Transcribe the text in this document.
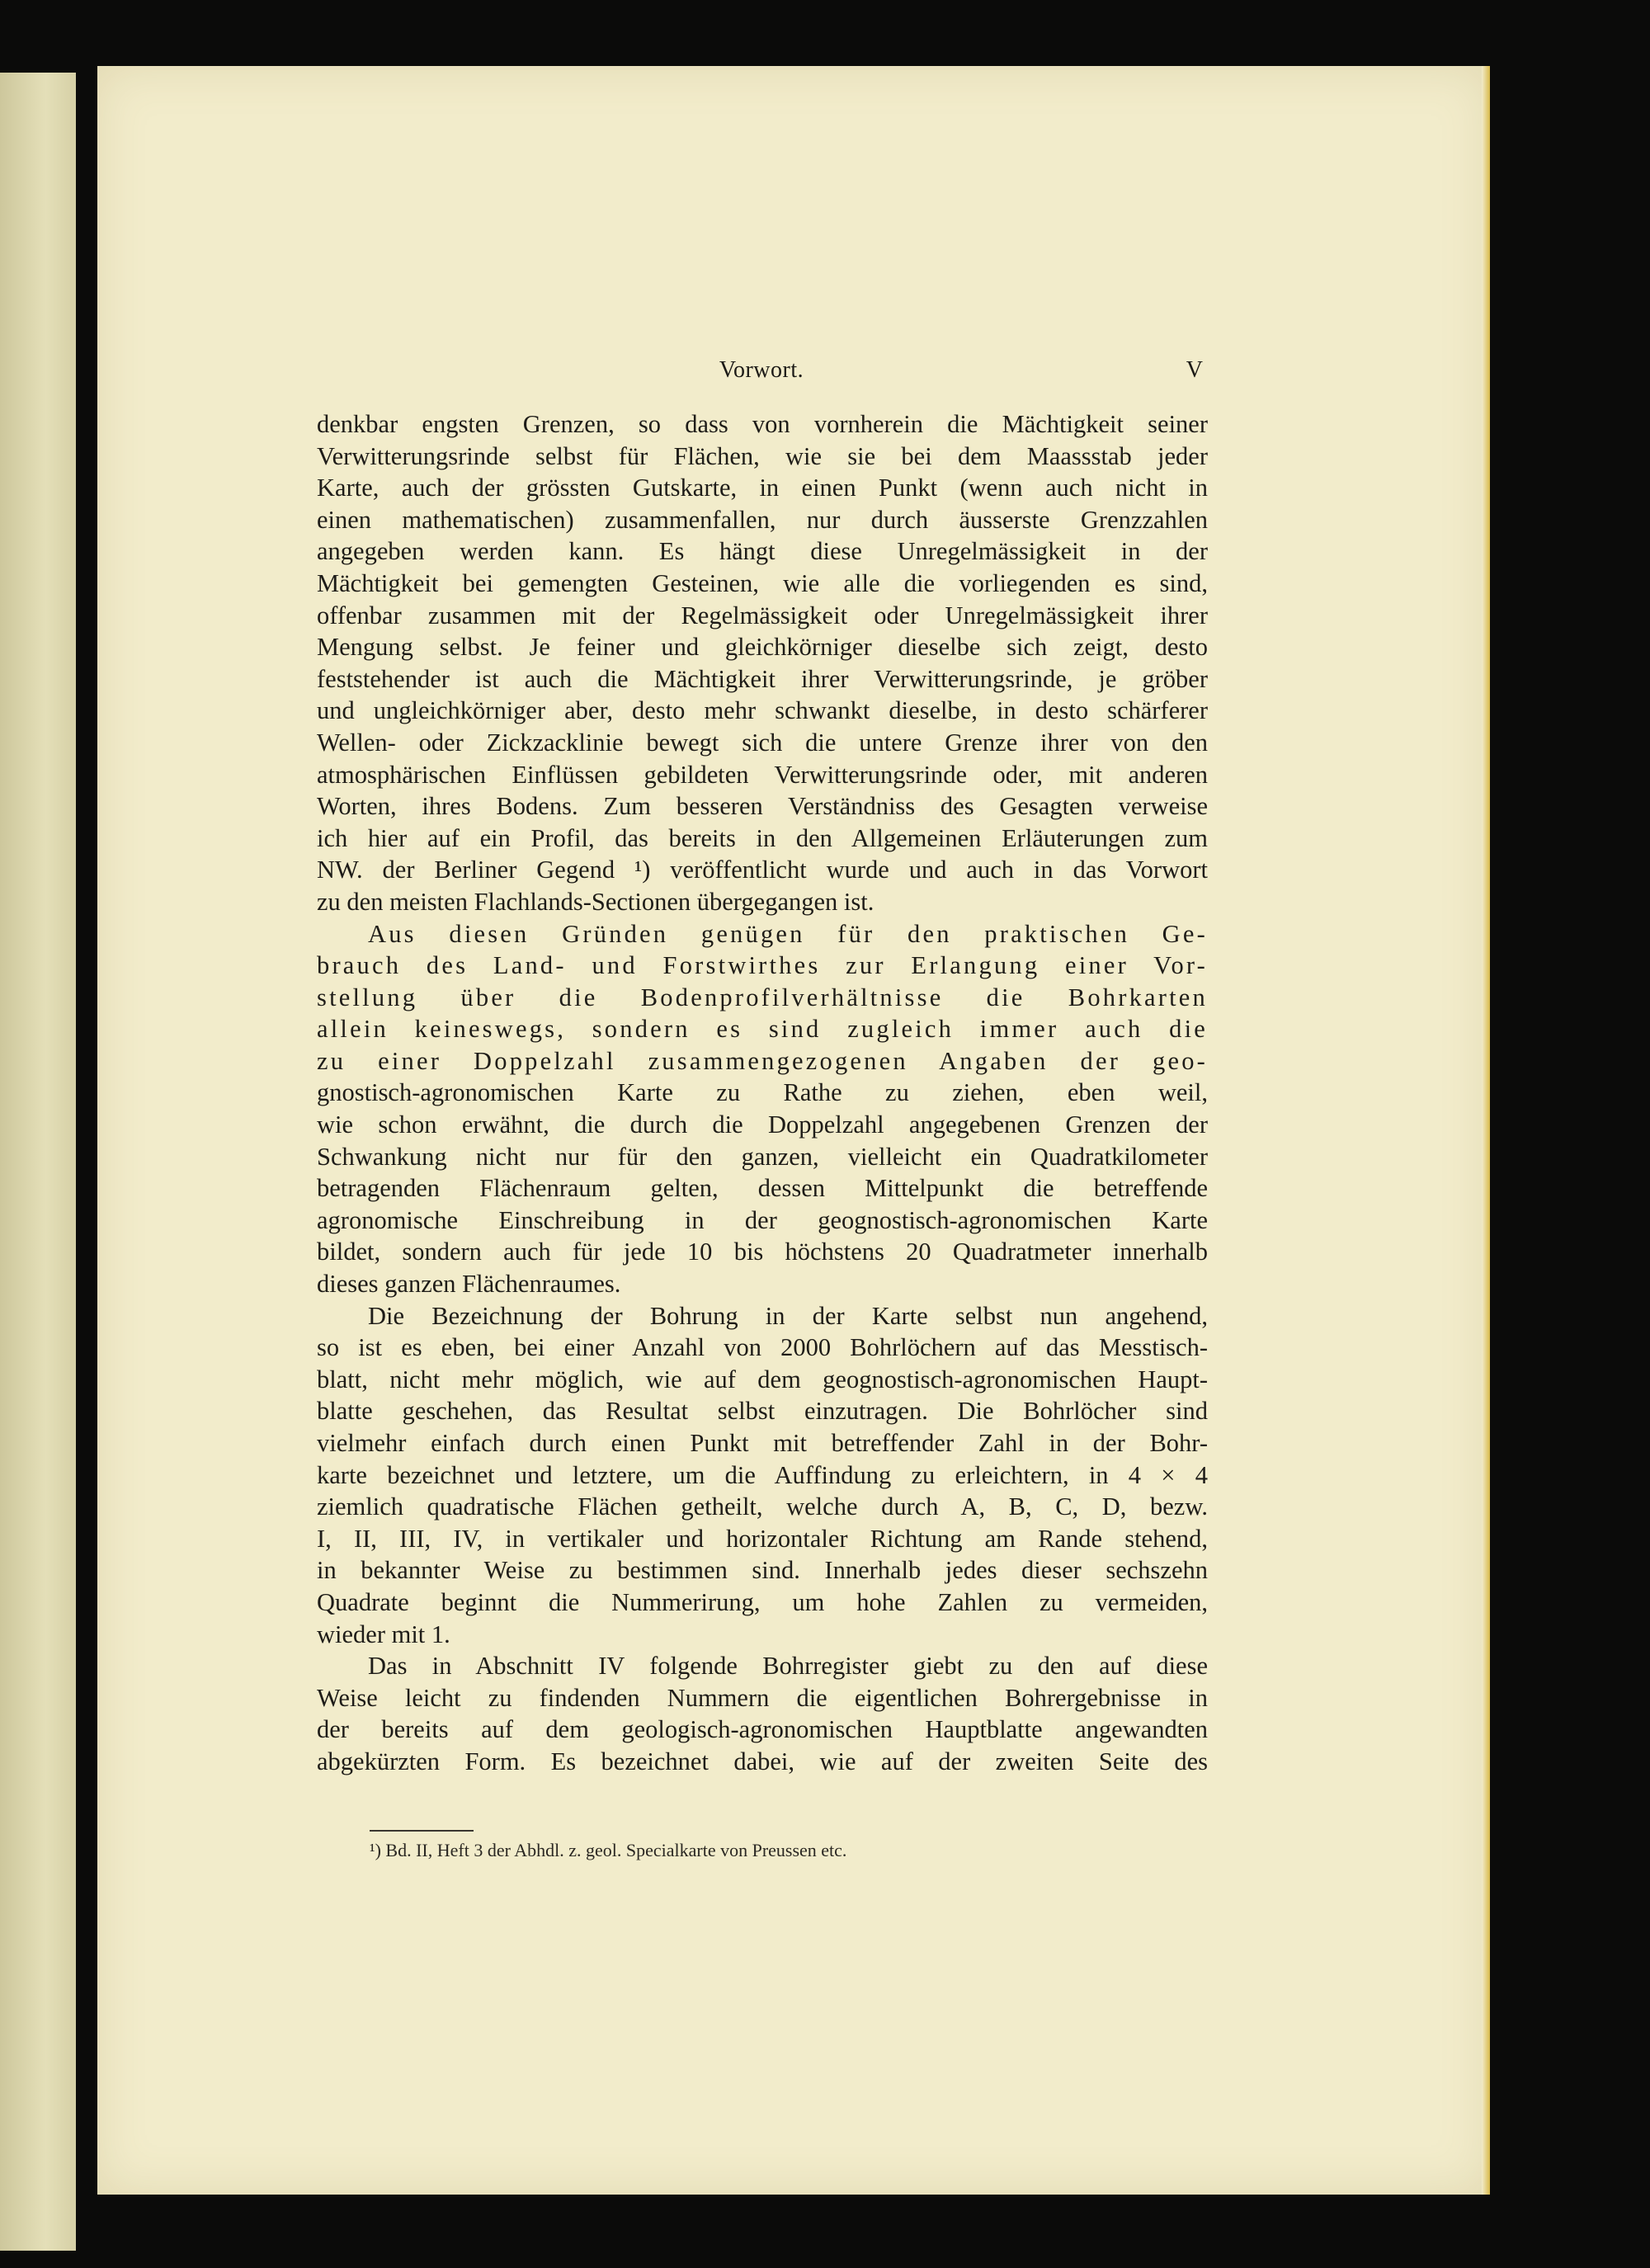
Vorwort.	V
denkbar engsten Grenzen, so dass von vornherein die Mächtigkeit seiner
Verwitterungsrinde selbst für Flächen, wie sie bei dem Maassstab jeder
Karte, auch der grössten Gutskarte, in einen Punkt (wenn auch nicht in
einen mathematischen) zusammenfallen, nur durch äusserste Grenzzahlen
angegeben werden kann. Es hängt diese Unregelmässigkeit in der
Mächtigkeit bei gemengten Gesteinen, wie alle die vorliegenden es sind,
offenbar zusammen mit der Regelmässigkeit oder Unregelmässigkeit ihrer
Mengung selbst. Je feiner und gleichkörniger dieselbe sich zeigt, desto
feststehender ist auch die Mächtigkeit ihrer Verwitterungsrinde, je gröber
und ungleichkörniger aber, desto mehr schwankt dieselbe, in desto schärferer
Wellen- oder Zickzacklinie bewegt sich die untere Grenze ihrer von den
atmosphärischen Einflüssen gebildeten Verwitterungsrinde oder, mit anderen
Worten, ihres Bodens. Zum besseren Verständniss des Gesagten verweise
ich hier auf ein Profil, das bereits in den Allgemeinen Erläuterungen zum
NW. der Berliner Gegend ¹) veröffentlicht wurde und auch in das Vorwort
zu den meisten Flachlands-Sectionen übergegangen ist.
Aus diesen Gründen genügen für den praktischen Ge-
brauch des Land- und Forstwirthes zur Erlangung einer Vor-
stellung über die Bodenprofilverhältnisse die Bohrkarten
allein keineswegs, sondern es sind zugleich immer auch die
zu einer Doppelzahl zusammengezogenen Angaben der geo-
gnostisch-agronomischen Karte zu Rathe zu ziehen, eben weil,
wie schon erwähnt, die durch die Doppelzahl angegebenen Grenzen der
Schwankung nicht nur für den ganzen, vielleicht ein Quadratkilometer
betragenden Flächenraum gelten, dessen Mittelpunkt die betreffende
agronomische Einschreibung in der geognostisch-agronomischen Karte
bildet, sondern auch für jede 10 bis höchstens 20 Quadratmeter innerhalb
dieses ganzen Flächenraumes.
Die Bezeichnung der Bohrung in der Karte selbst nun angehend,
so ist es eben, bei einer Anzahl von 2000 Bohrlöchern auf das Messtisch-
blatt, nicht mehr möglich, wie auf dem geognostisch-agronomischen Haupt-
blatte geschehen, das Resultat selbst einzutragen. Die Bohrlöcher sind
vielmehr einfach durch einen Punkt mit betreffender Zahl in der Bohr-
karte bezeichnet und letztere, um die Auffindung zu erleichtern, in 4 × 4
ziemlich quadratische Flächen getheilt, welche durch A, B, C, D, bezw.
I, II, III, IV, in vertikaler und horizontaler Richtung am Rande stehend,
in bekannter Weise zu bestimmen sind. Innerhalb jedes dieser sechszehn
Quadrate beginnt die Nummerirung, um hohe Zahlen zu vermeiden,
wieder mit 1.
Das in Abschnitt IV folgende Bohrregister giebt zu den auf diese
Weise leicht zu findenden Nummern die eigentlichen Bohrergebnisse in
der bereits auf dem geologisch-agronomischen Hauptblatte angewandten
abgekürzten Form. Es bezeichnet dabei, wie auf der zweiten Seite des
¹) Bd. II, Heft 3 der Abhdl. z. geol. Specialkarte von Preussen etc.
